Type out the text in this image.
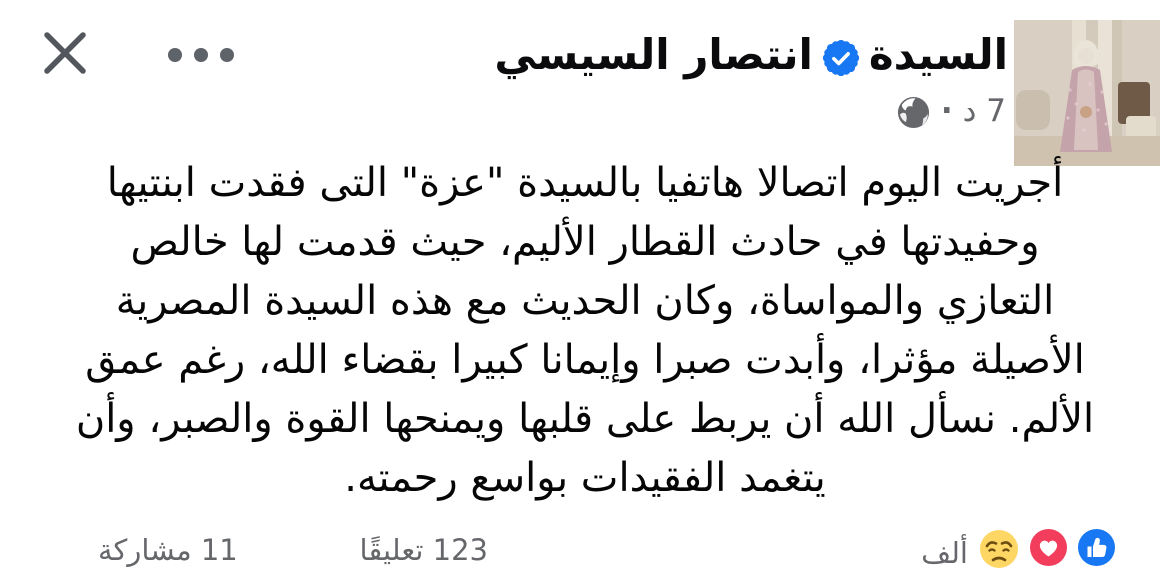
السيدة
انتصار السيسي
7 د
·
أجريت اليوم اتصالا هاتفيا بالسيدة "عزة" التى فقدت ابنتيها
وحفيدتها في حادث القطار الأليم، حيث قدمت لها خالص
التعازي والمواساة، وكان الحديث مع هذه السيدة المصرية
الأصيلة مؤثرا، وأبدت صبرا وإيمانا كبيرا بقضاء الله، رغم عمق
الألم. نسأل الله أن يربط على قلبها ويمنحها القوة والصبر، وأن
يتغمد الفقيدات بواسع رحمته.
123 تعليقًا
11 مشاركة	ألف
